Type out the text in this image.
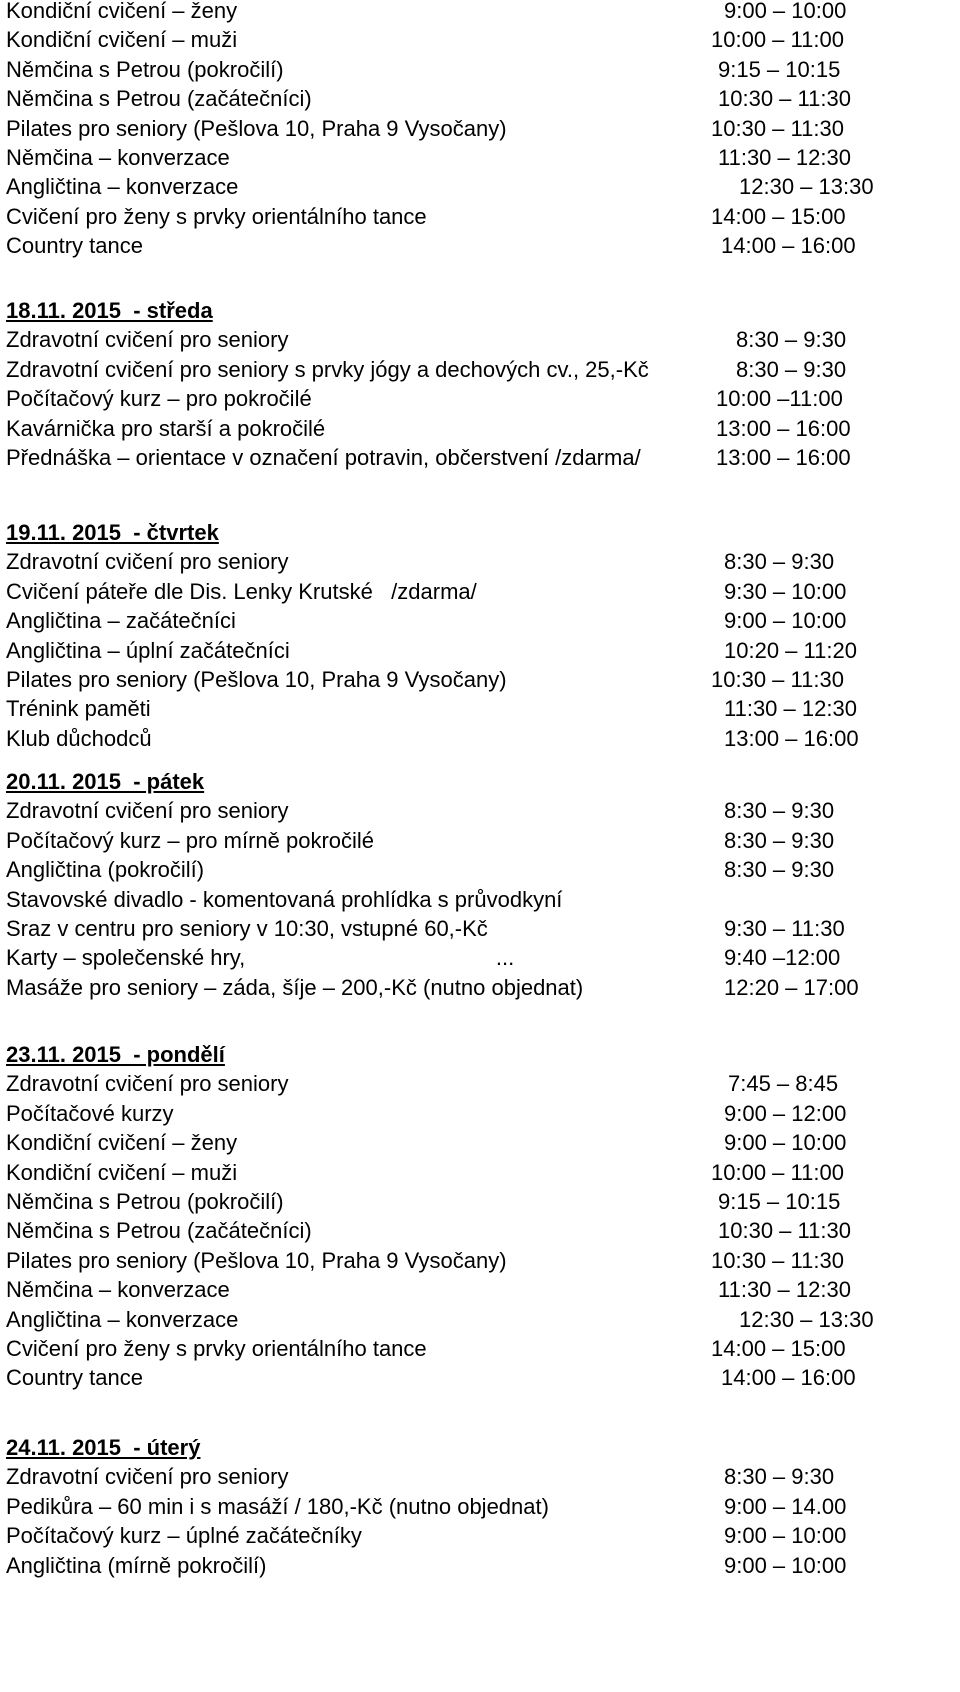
Kondiční cvičení – ženy	9:00 – 10:00
Kondiční cvičení – muži	10:00 – 11:00
Němčina s Petrou (pokročilí)	9:15 – 10:15
Němčina s Petrou (začátečníci)	10:30 – 11:30
Pilates pro seniory (Pešlova 10, Praha 9 Vysočany)	10:30 – 11:30
Němčina – konverzace	11:30 – 12:30
Angličtina – konverzace	12:30 – 13:30
Cvičení pro ženy s prvky orientálního tance	14:00 – 15:00
Country tance	14:00 – 16:00
18.11. 2015  - středa
Zdravotní cvičení pro seniory	8:30 – 9:30
Zdravotní cvičení pro seniory s prvky jógy a dechových cv., 25,-Kč	8:30 – 9:30
Počítačový kurz – pro pokročilé	10:00 –11:00
Kavárnička pro starší a pokročilé	13:00 – 16:00
Přednáška – orientace v označení potravin, občerstvení /zdarma/	13:00 – 16:00
19.11. 2015  - čtvrtek
Zdravotní cvičení pro seniory	8:30 – 9:30
Cvičení páteře dle Dis. Lenky Krutské   /zdarma/	9:30 – 10:00
Angličtina – začátečníci	9:00 – 10:00
Angličtina – úplní začátečníci	10:20 – 11:20
Pilates pro seniory (Pešlova 10, Praha 9 Vysočany)	10:30 – 11:30
Trénink paměti	11:30 – 12:30
Klub důchodců	13:00 – 16:00
20.11. 2015  - pátek
Zdravotní cvičení pro seniory	8:30 – 9:30
Počítačový kurz – pro mírně pokročilé	8:30 – 9:30
Angličtina (pokročilí)	8:30 – 9:30
Stavovské divadlo - komentovaná prohlídka s průvodkyní
Sraz v centru pro seniory v 10:30, vstupné 60,-Kč	9:30 – 11:30
Karty – společenské hry,                                         ...	9:40 –12:00
Masáže pro seniory – záda, šíje – 200,-Kč (nutno objednat)	12:20 – 17:00
23.11. 2015  - pondělí
Zdravotní cvičení pro seniory	7:45 – 8:45
Počítačové kurzy	9:00 – 12:00
Kondiční cvičení – ženy	9:00 – 10:00
Kondiční cvičení – muži	10:00 – 11:00
Němčina s Petrou (pokročilí)	9:15 – 10:15
Němčina s Petrou (začátečníci)	10:30 – 11:30
Pilates pro seniory (Pešlova 10, Praha 9 Vysočany)	10:30 – 11:30
Němčina – konverzace	11:30 – 12:30
Angličtina – konverzace	12:30 – 13:30
Cvičení pro ženy s prvky orientálního tance	14:00 – 15:00
Country tance	14:00 – 16:00
24.11. 2015  - úterý
Zdravotní cvičení pro seniory	8:30 – 9:30
Pedikůra – 60 min i s masáží / 180,-Kč (nutno objednat)	9:00 – 14.00
Počítačový kurz – úplné začátečníky	9:00 – 10:00
Angličtina (mírně pokročilí)	9:00 – 10:00
